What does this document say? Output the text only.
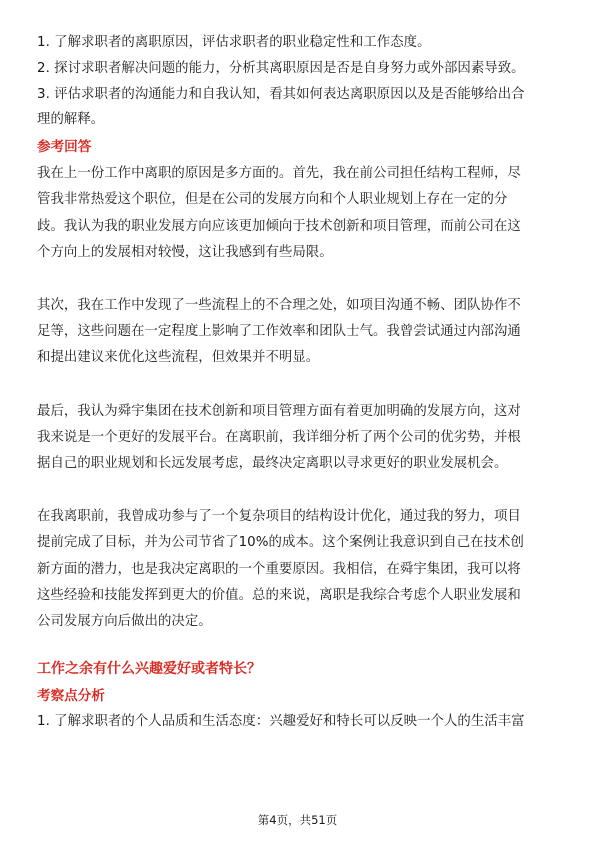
1. 了解求职者的离职原因，评估求职者的职业稳定性和工作态度。
2. 探讨求职者解决问题的能力，分析其离职原因是否是自身努力或外部因素导致。
3. 评估求职者的沟通能力和自我认知，看其如何表达离职原因以及是否能够给出合
理的解释。
参考回答
我在上一份工作中离职的原因是多方面的。首先，我在前公司担任结构工程师，尽
管我非常热爱这个职位，但是在公司的发展方向和个人职业规划上存在一定的分
歧。我认为我的职业发展方向应该更加倾向于技术创新和项目管理，而前公司在这
个方向上的发展相对较慢，这让我感到有些局限。
其次，我在工作中发现了一些流程上的不合理之处，如项目沟通不畅、团队协作不
足等，这些问题在一定程度上影响了工作效率和团队士气。我曾尝试通过内部沟通
和提出建议来优化这些流程，但效果并不明显。
最后，我认为舜宇集团在技术创新和项目管理方面有着更加明确的发展方向，这对
我来说是一个更好的发展平台。在离职前，我详细分析了两个公司的优劣势，并根
据自己的职业规划和长远发展考虑，最终决定离职以寻求更好的职业发展机会。
在我离职前，我曾成功参与了一个复杂项目的结构设计优化，通过我的努力，项目
提前完成了目标，并为公司节省了10%的成本。这个案例让我意识到自己在技术创
新方面的潜力，也是我决定离职的一个重要原因。我相信，在舜宇集团，我可以将
这些经验和技能发挥到更大的价值。总的来说，离职是我综合考虑个人职业发展和
公司发展方向后做出的决定。
工作之余有什么兴趣爱好或者特长？
考察点分析
1. 了解求职者的个人品质和生活态度：兴趣爱好和特长可以反映一个人的生活丰富
第4页，共51页
